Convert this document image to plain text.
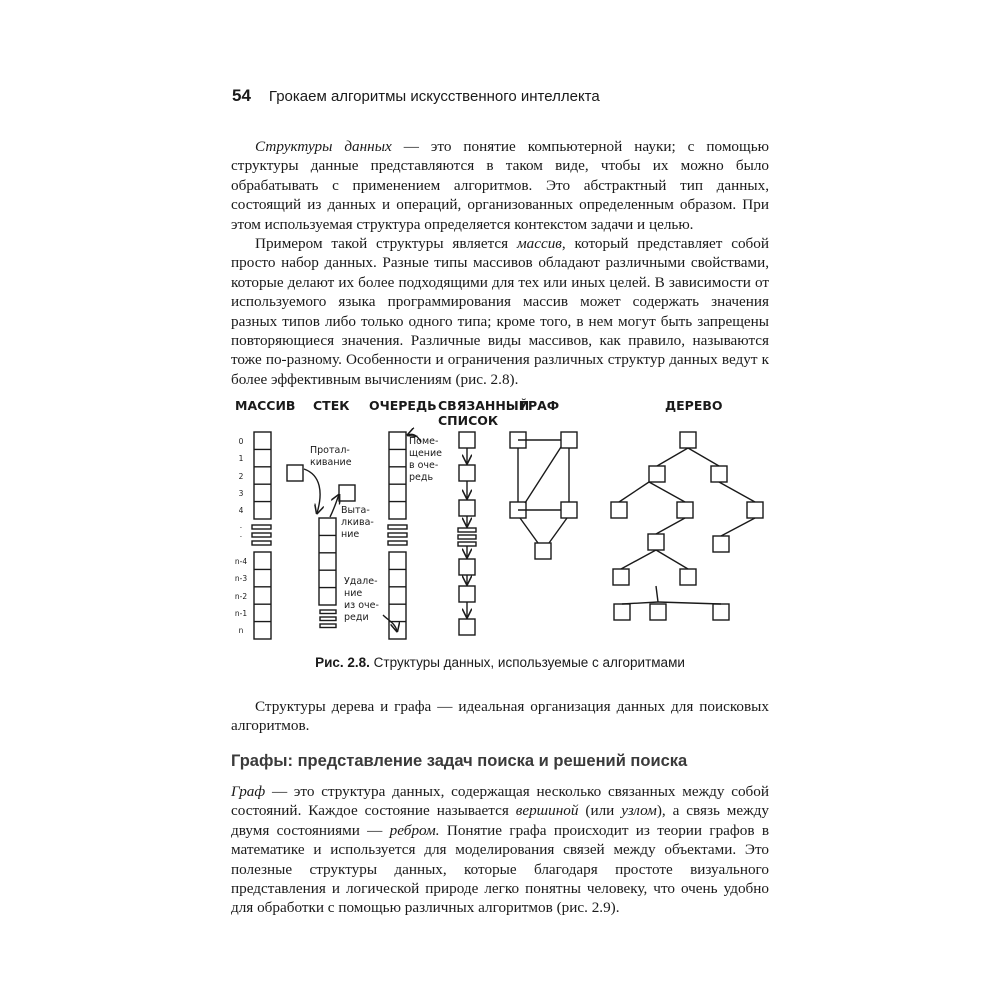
54 Грокаем алгоритмы искусственного интеллекта

Структуры данных — это понятие компьютерной науки; с помощью структуры данные представляются в таком виде, чтобы их можно было обрабатывать с применением алгоритмов. Это абстрактный тип данных, состоящий из данных и операций, организованных определенным образом. При этом используемая структура определяется контекстом задачи и целью.

Примером такой структуры является массив, который представляет собой просто набор данных. Разные типы массивов обладают различными свойствами, которые делают их более подходящими для тех или иных целей. В зависимости от используемого языка программирования массив может содержать значения разных типов либо только одного типа; кроме того, в нем могут быть запрещены повторяющиеся значения. Различные виды массивов, как правило, называются тоже по-разному. Особенности и ограничения различных структур данных ведут к более эффективным вычислениям (рис. 2.8).

МАССИВ СТЕК ОЧЕРЕДЬ СВЯЗАННЫЙ
СПИСОК
ГРАФ	ДЕРЕВО
0
1
2
3
4
.
.
n-4
n-3
n-2
n-1
n
Протал-
кивание
Выта-
лкива-
ние
Поме-
щение
в оче-
редь
Удале-
ние
из оче-
реди
Рис. 2.8. Структуры данных, используемые с алгоритмами

Структуры дерева и графа — идеальная организация данных для поисковых алгоритмов.

Графы: представление задач поиска и решений поиска

Граф — это структура данных, содержащая несколько связанных между собой состояний. Каждое состояние называется вершиной (или узлом), а связь между двумя состояниями — ребром. Понятие графа происходит из теории графов в математике и используется для моделирования связей между объектами. Это полезные структуры данных, которые благодаря простоте визуального представления и логической природе легко понятны человеку, что очень удобно для обработки с помощью различных алгоритмов (рис. 2.9).
